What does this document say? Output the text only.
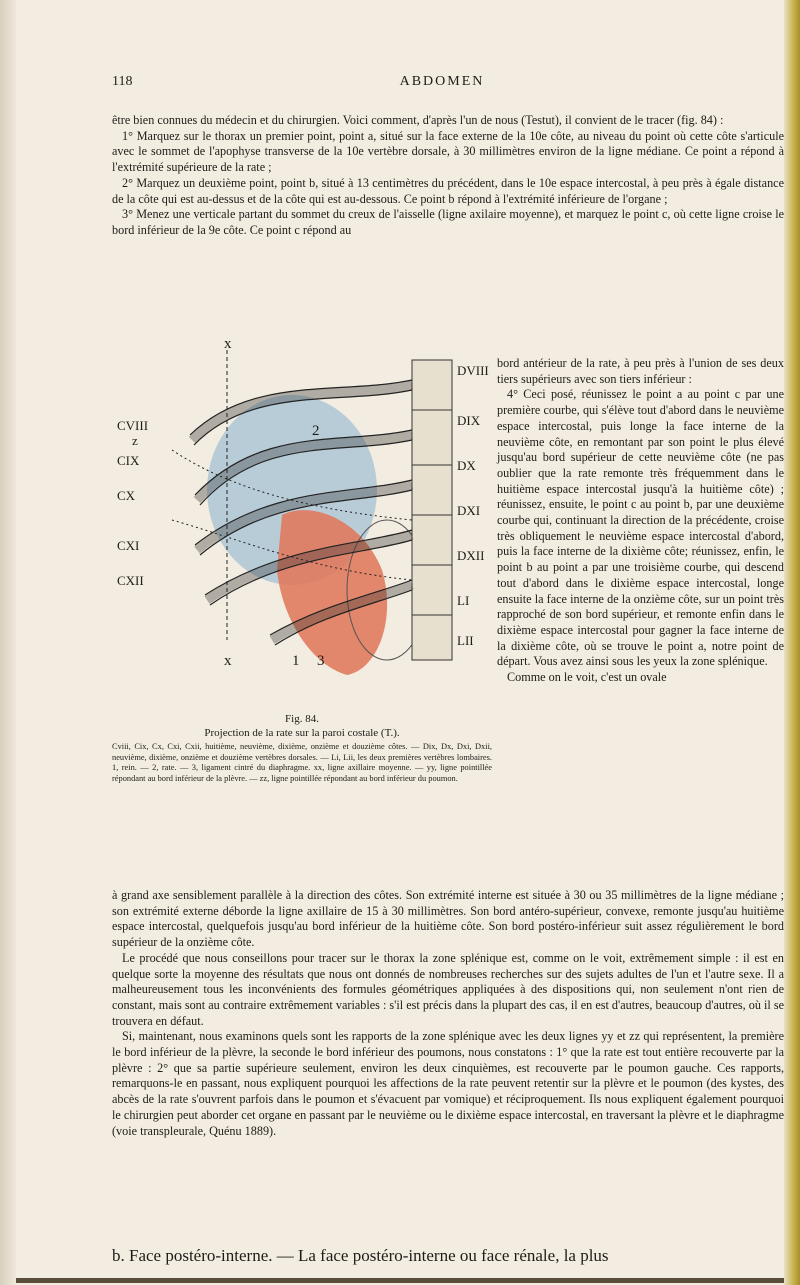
118	ABDOMEN

être bien connues du médecin et du chirurgien. Voici comment, d'après l'un de nous (Testut), il convient de le tracer (fig. 84) :

1° Marquez sur le thorax un premier point, point a, situé sur la face externe de la 10e côte, au niveau du point où cette côte s'articule avec le sommet de l'apophyse transverse de la 10e vertèbre dorsale, à 30 millimètres environ de la ligne médiane. Ce point a répond à l'extrémité supérieure de la rate ;

2° Marquez un deuxième point, point b, situé à 13 centimètres du précédent, dans le 10e espace intercostal, à peu près à égale distance de la côte qui est au-dessus et de la côte qui est au-dessous. Ce point b répond à l'extrémité inférieure de l'organe ;

3° Menez une verticale partant du sommet du creux de l'aisselle (ligne axilaire moyenne), et marquez le point c, où cette ligne croise le bord inférieur de la 9e côte. Ce point c répond au

bord antérieur de la rate, à peu près à l'union de ses deux tiers supérieurs avec son tiers inférieur :

4° Ceci posé, réunissez le point a au point c par une première courbe, qui s'élève tout d'abord dans le neuvième espace intercostal, puis longe la face interne de la neuvième côte, en remontant par son point le plus élevé jusqu'au bord supérieur de cette neuvième côte (ne pas oublier que la rate remonte très fréquemment dans le huitième espace intercostal jusqu'à la huitième côte) ; réunissez, ensuite, le point c au point b, par une deuxième courbe qui, continuant la direction de la précédente, croise très obliquement le neuvième espace intercostal d'abord, puis la face interne de la dixième côte; réunissez, enfin, le point b au point a par une troisième courbe, qui descend tout d'abord dans le dixième espace intercostal, longe ensuite la face interne de la onzième côte, sur un point très rapproché de son bord supérieur, et remonte enfin dans le dixième espace intercostal pour gagner la face interne de la dixième côte, où se trouve le point a, notre point de départ. Vous avez ainsi sous les yeux la zone splénique.

Comme on le voit, c'est un ovale

CVIII
z
CIX
CX
CXI
CXII
DVIII
DIX
DX
DXI
DXII
LI
LII
x
x	1
2
3
Fig. 84.
Projection de la rate sur la paroi costale (T.).
Cviii, Cix, Cx, Cxi, Cxii, huitième, neuvième, dixième, onzième et douzième côtes. — Dix, Dx, Dxi, Dxii, neuvième, dixième, onzième et douzième vertèbres dorsales. — Li, Lii, les deux premières vertèbres lombaires. 1, rein. — 2, rate. — 3, ligament cintré du diaphragme. xx, ligne axillaire moyenne. — yy, ligne pointillée répondant au bord inférieur de la plèvre. — zz, ligne pointillée répondant au bord inférieur du poumon.

à grand axe sensiblement parallèle à la direction des côtes. Son extrémité interne est située à 30 ou 35 millimètres de la ligne médiane ; son extrémité externe déborde la ligne axillaire de 15 à 30 millimètres. Son bord antéro-supérieur, convexe, remonte jusqu'au huitième espace intercostal, quelquefois jusqu'au bord inférieur de la huitième côte. Son bord postéro-inférieur suit assez régulièrement le bord supérieur de la onzième côte.

Le procédé que nous conseillons pour tracer sur le thorax la zone splénique est, comme on le voit, extrêmement simple : il est en quelque sorte la moyenne des résultats que nous ont donnés de nombreuses recherches sur des sujets adultes de l'un et l'autre sexe. Il a malheureusement tous les inconvénients des formules géométriques appliquées à des dispositions qui, non seulement n'ont rien de constant, mais sont au contraire extrêmement variables : s'il est précis dans la plupart des cas, il en est d'autres, beaucoup d'autres, où il se trouvera en défaut.

Si, maintenant, nous examinons quels sont les rapports de la zone splénique avec les deux lignes yy et zz qui représentent, la première le bord inférieur de la plèvre, la seconde le bord inférieur des poumons, nous constatons : 1° que la rate est tout entière recouverte par la plèvre : 2° que sa partie supérieure seulement, environ les deux cinquièmes, est recouverte par le poumon gauche. Ces rapports, remarquons-le en passant, nous expliquent pourquoi les affections de la rate peuvent retentir sur la plèvre et le poumon (des kystes, des abcès de la rate s'ouvrent parfois dans le poumon et s'évacuent par vomique) et réciproquement. Ils nous expliquent également pourquoi le chirurgien peut aborder cet organe en passant par le neuvième ou le dixième espace intercostal, en traversant la plèvre et le diaphragme (voie transpleurale, Quénu 1889).

b. Face postéro-interne. — La face postéro-interne ou face rénale, la plus
